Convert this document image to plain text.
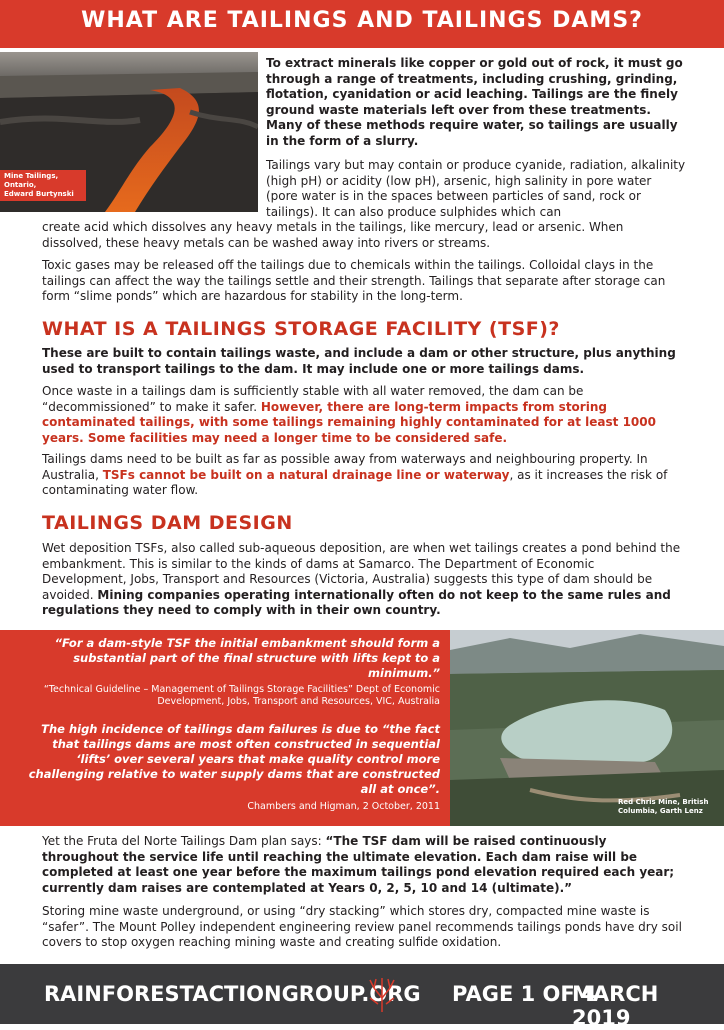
WHAT ARE TAILINGS AND TAILINGS DAMS?
Mine Tailings, Ontario,
Edward Burtynski

To extract minerals like copper or gold out of rock, it must go through a range of treatments, including crushing, grinding, flotation, cyanidation or acid leaching. Tailings are the finely ground waste materials left over from these treatments. Many of these methods require water, so tailings are usually in the form of a slurry.

Tailings vary but may contain or produce cyanide, radiation, alkalinity (high pH) or acidity (low pH), arsenic, high salinity in pore water (pore water is in the spaces between particles of sand, rock or tailings). It can also produce sulphides which can

create acid which dissolves any heavy metals in the tailings, like mercury, lead or arsenic. When dissolved, these heavy metals can be washed away into rivers or streams.

Toxic gases may be released off the tailings due to chemicals within the tailings. Colloidal clays in the tailings can affect the way the tailings settle and their strength. Tailings that separate after storage can form “slime ponds” which are hazardous for stability in the long-term.

WHAT IS A TAILINGS STORAGE FACILITY (TSF)?

These are built to contain tailings waste, and include a dam or other structure, plus anything used to transport tailings to the dam. It may include one or more tailings dams.

Once waste in a tailings dam is sufficiently stable with all water removed, the dam can be “decommissioned” to make it safer. However, there are long-term impacts from storing contaminated tailings, with some tailings remaining highly contaminated for at least 1000 years. Some facilities may need a longer time to be considered safe.

Tailings dams need to be built as far as possible away from waterways and neighbouring property. In Australia, TSFs cannot be built on a natural drainage line or waterway, as it increases the risk of contaminating water flow.

TAILINGS DAM DESIGN

Wet deposition TSFs, also called sub-aqueous deposition, are when wet tailings creates a pond behind the embankment. This is similar to the kinds of dams at Samarco. The Department of Economic Development, Jobs, Transport and Resources (Victoria, Australia) suggests this type of dam should be avoided. Mining companies operating internationally often do not keep to the same rules and regulations they need to comply with in their own country.

“For a dam-style TSF the initial embankment should form a substantial part of the final structure with lifts kept to a minimum.”

“Technical Guideline – Management of Tailings Storage Facilities” Dept of Economic Development, Jobs, Transport and Resources, VIC, Australia

The high incidence of tailings dam failures is due to “the fact that tailings dams are most often constructed in sequential ‘lifts’ over several years that make quality control more challenging relative to water supply dams that are constructed all at once”.

Chambers and Higman, 2 October, 2011	Red Chris Mine, British
Columbia, Garth Lenz

Yet the Fruta del Norte Tailings Dam plan says: “The TSF dam will be raised continuously throughout the service life until reaching the ultimate elevation. Each dam raise will be completed at least one year before the maximum tailings pond elevation required each year; currently dam raises are contemplated at Years 0, 2, 5, 10 and 14 (ultimate).”

Storing mine waste underground, or using “dry stacking” which stores dry, compacted mine waste is “safer”. The Mount Polley independent engineering review panel recommends tailings ponds have dry soil covers to stop oxygen reaching mining waste and creating sulfide oxidation.

RAINFORESTACTIONGROUP.ORG PAGE 1 OF 4
MARCH 2019
